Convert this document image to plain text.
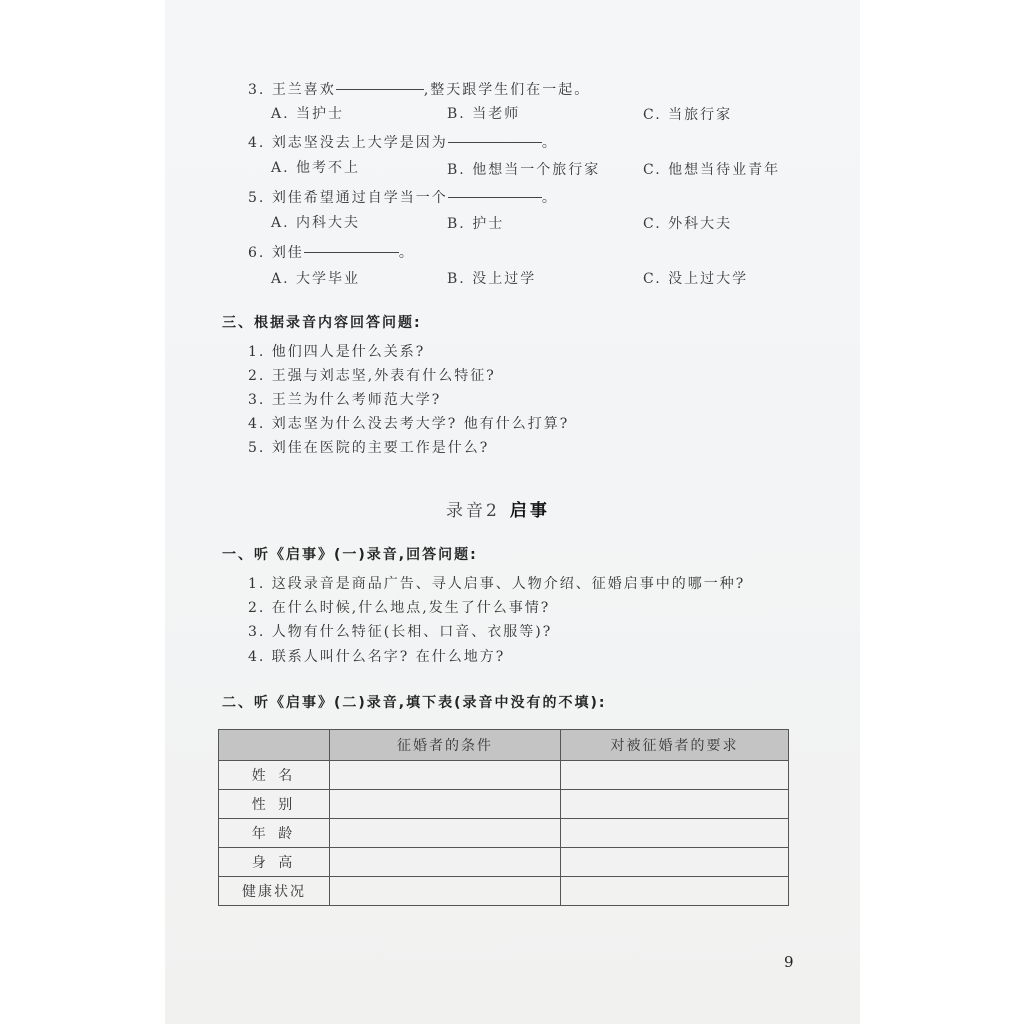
3. 王兰喜欢	,整天跟学生们在一起。
A. 当护士	B. 当老师	C. 当旅行家
4. 刘志坚没去上大学是因为	。
A. 他考不上	B. 他想当一个旅行家	C. 他想当待业青年
5. 刘佳希望通过自学当一个	。
A. 内科大夫	B. 护士	C. 外科大夫
6. 刘佳	。
A. 大学毕业	B. 没上过学	C. 没上过大学
三、根据录音内容回答问题:
1. 他们四人是什么关系?
2. 王强与刘志坚,外表有什么特征?
3. 王兰为什么考师范大学?
4. 刘志坚为什么没去考大学? 他有什么打算?
5. 刘佳在医院的主要工作是什么?
录音2 启事
一、听《启事》(一)录音,回答问题:
1. 这段录音是商品广告、寻人启事、人物介绍、征婚启事中的哪一种?
2. 在什么时候,什么地点,发生了什么事情?
3. 人物有什么特征(长相、口音、衣服等)?
4. 联系人叫什么名字? 在什么地方?
二、听《启事》(二)录音,填下表(录音中没有的不填):
	征婚者的条件	对被征婚者的要求
姓 名		
性 别		
年 龄		
身 高		
健康状况		
9
